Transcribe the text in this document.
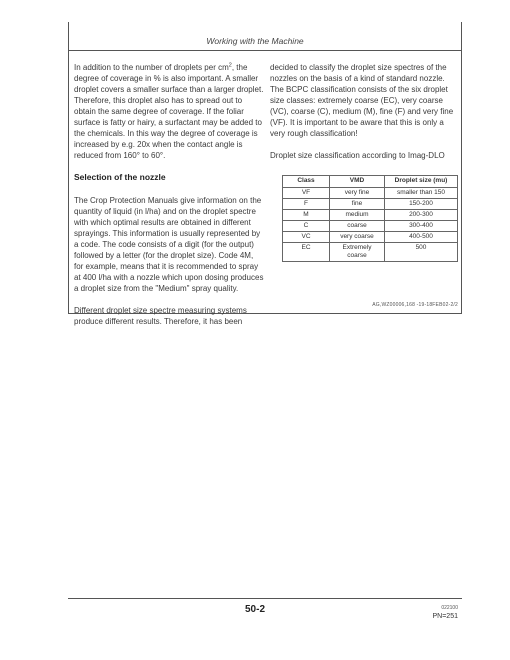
Working with the Machine

In addition to the number of droplets per $cm^2$, the degree of coverage in % is also important. A smaller droplet covers a smaller surface than a larger droplet. Therefore, this droplet also has to spread out to obtain the same degree of coverage. If the foliar surface is fatty or hairy, a surfactant may be added to the chemicals. In this way the degree of coverage is increased by e.g. 20x when the contact angle is reduced from 160° to 60°.

Selection of the nozzle

The Crop Protection Manuals give information on the quantity of liquid (in l/ha) and on the droplet spectre with which optimal results are obtained in different sprayings. This information is usually represented by a code. The code consists of a digit (for the output) followed by a letter (for the droplet size). Code 4M, for example, means that it is recommended to spray at 400 l/ha with a nozzle which upon dosing produces a droplet size from the "Medium" spray quality.

Different droplet size spectre measuring systems produce different results. Therefore, it has been

decided to classify the droplet size spectres of the nozzles on the basis of a kind of standard nozzle. The BCPC classification consists of the six droplet size classes: extremely coarse (EC), very coarse (VC), coarse (C), medium (M), fine (F) and very fine (VF). It is important to be aware that this is only a very rough classification!

Droplet size classification according to Imag-DLO

Class	VMD	Droplet size (mu)
VF	very fine	smaller than 150
F	fine	150-200
M	medium	200-300
C	coarse	300-400
VC	very coarse	400-500
EC	Extremely coarse	500
AG,WZ00006,168 -19-18FEB02-2/2
50-2	022100
PN=251
